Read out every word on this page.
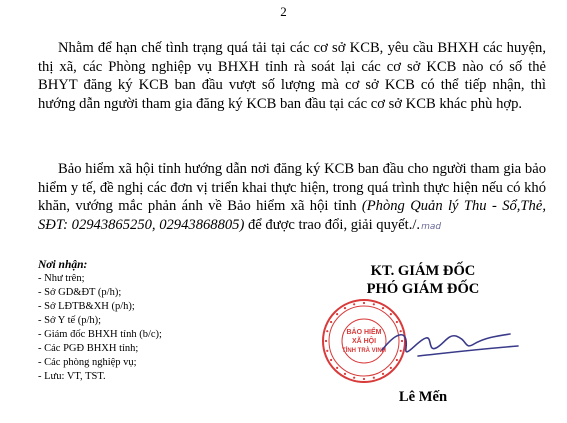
2

Nhằm để hạn chế tình trạng quá tải tại các cơ sở KCB, yêu cầu BHXH các huyện, thị xã, các Phòng nghiệp vụ BHXH tỉnh rà soát lại các cơ sở KCB nào có số thẻ BHYT đăng ký KCB ban đầu vượt số lượng mà cơ sở KCB có thể tiếp nhận, thì hướng dẫn người tham gia đăng ký KCB ban đầu tại các cơ sở KCB khác phù hợp.

Bảo hiểm xã hội tỉnh hướng dẫn nơi đăng ký KCB ban đầu cho người tham gia bảo hiểm y tế, đề nghị các đơn vị triển khai thực hiện, trong quá trình thực hiện nếu có khó khăn, vướng mắc phản ánh về Bảo hiểm xã hội tỉnh (Phòng Quản lý Thu - Sổ,Thẻ, SĐT: 02943865250, 02943868805) để được trao đổi, giải quyết./.mad

Nơi nhận:
- Như trên;
- Sở GD&ĐT (p/h);
- Sở LĐTB&XH (p/h);
- Sở Y tế (p/h);
- Giám đốc BHXH tỉnh (b/c);
- Các PGĐ BHXH tỉnh;
- Các phòng nghiệp vụ;
- Lưu: VT, TST.
KT. GIÁM ĐỐC
PHÓ GIÁM ĐỐC
BẢO HIỂM
XÃ HỘI
TỈNH TRÀ VINH
Lê Mến
